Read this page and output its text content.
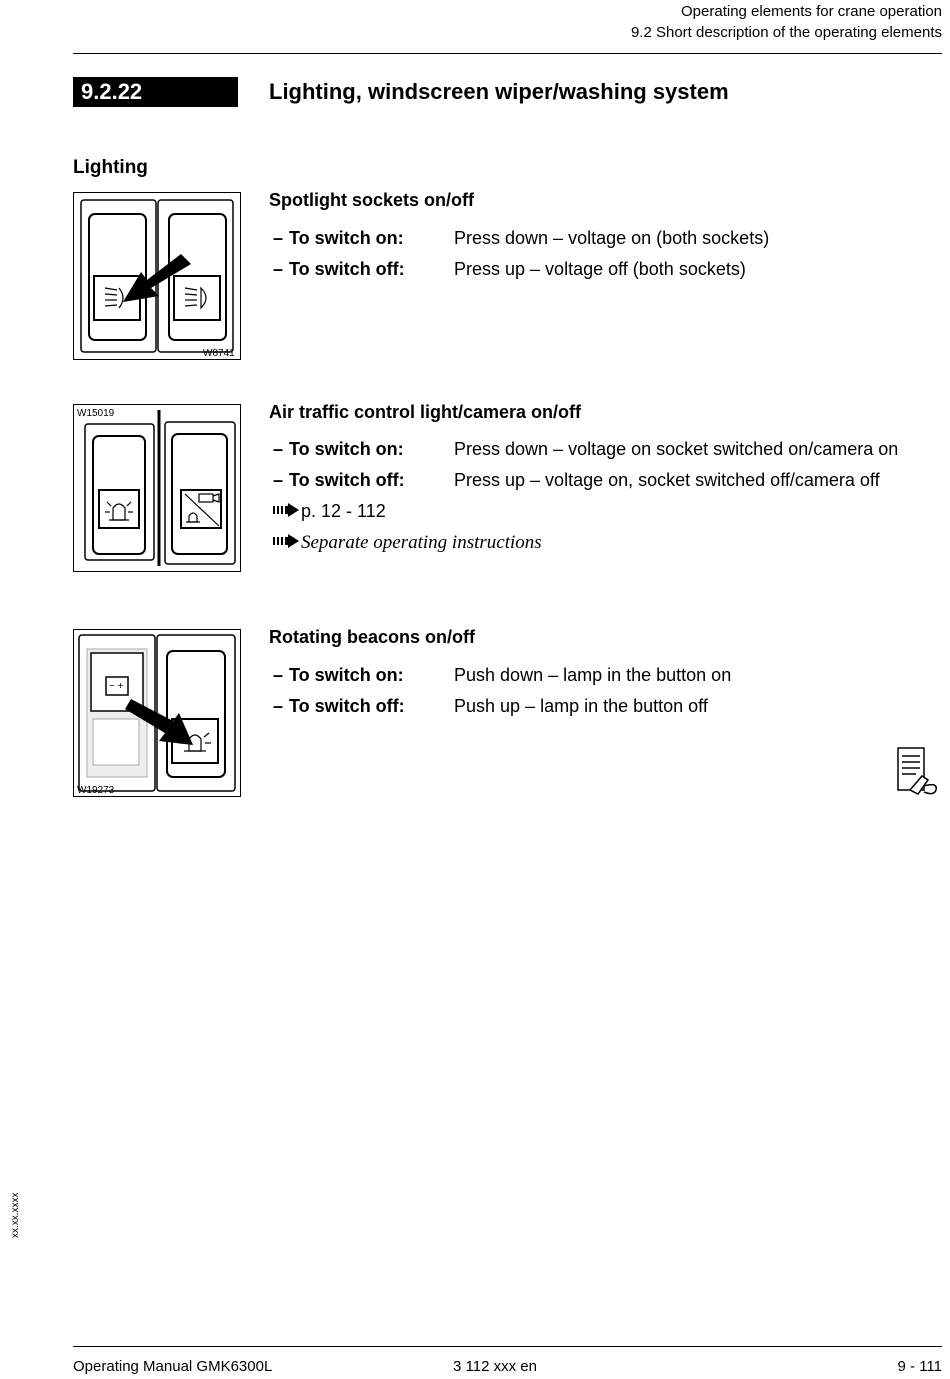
Operating elements for crane operation
9.2 Short description of the operating elements
9.2.22	Lighting, windscreen wiper/washing system
Lighting
W8741
Spotlight sockets on/off
– To switch on:	Press down – voltage on (both sockets)
– To switch off:	Press up – voltage off (both sockets)
W15019	Air traffic control light/camera on/off
– To switch on:	Press down – voltage on socket switched on/camera on
– To switch off:	Press up – voltage on, socket switched off/camera off
p. 12 - 112
Separate operating instructions
− +
W19273
Rotating beacons on/off
– To switch on:	Push down – lamp in the button on
– To switch off:	Push up – lamp in the button off
xx.xx.xxxx
Operating Manual GMK6300L	3 112 xxx en	9 - 111
